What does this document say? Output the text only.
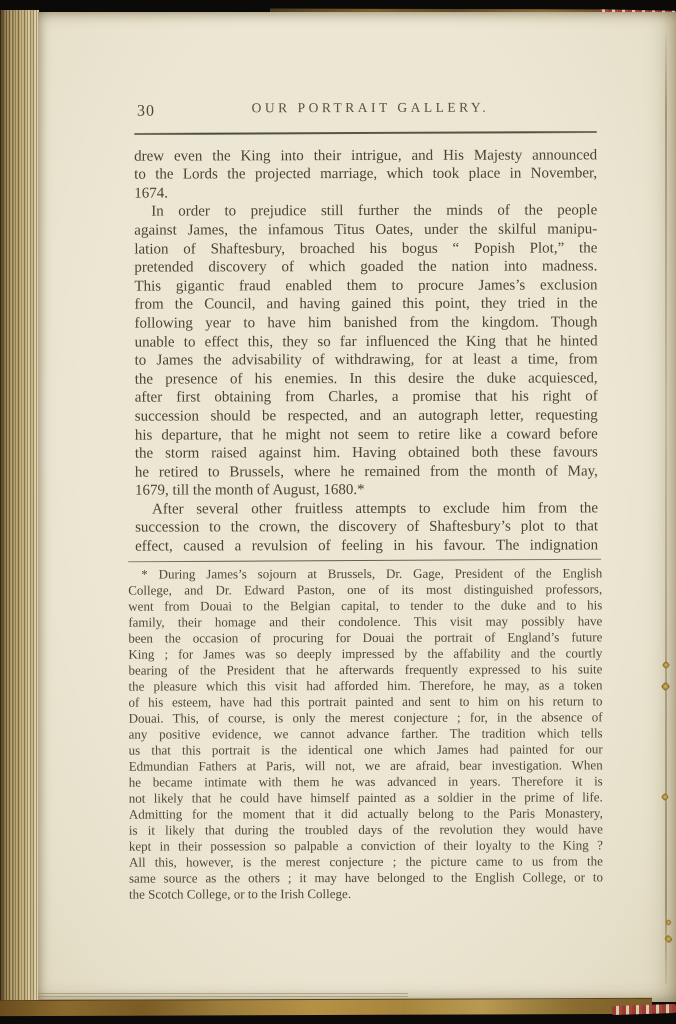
30	OUR PORTRAIT GALLERY.
drew even the King into their intrigue, and His Majesty announced
to the Lords the projected marriage, which took place in November,
1674.
In order to prejudice still further the minds of the people
against James, the infamous Titus Oates, under the skilful manipu-
lation of Shaftesbury, broached his bogus “ Popish Plot,” the
pretended discovery of which goaded the nation into madness.
This gigantic fraud enabled them to procure James’s exclusion
from the Council, and having gained this point, they tried in the
following year to have him banished from the kingdom. Though
unable to effect this, they so far influenced the King that he hinted
to James the advisability of withdrawing, for at least a time, from
the presence of his enemies. In this desire the duke acquiesced,
after first obtaining from Charles, a promise that his right of
succession should be respected, and an autograph letter, requesting
his departure, that he might not seem to retire like a coward before
the storm raised against him. Having obtained both these favours
he retired to Brussels, where he remained from the month of May,
1679, till the month of August, 1680.*
After several other fruitless attempts to exclude him from the
succession to the crown, the discovery of Shaftesbury’s plot to that
effect, caused a revulsion of feeling in his favour. The indignation
* During James’s sojourn at Brussels, Dr. Gage, President of the English
College, and Dr. Edward Paston, one of its most distinguished professors,
went from Douai to the Belgian capital, to tender to the duke and to his
family, their homage and their condolence. This visit may possibly have
been the occasion of procuring for Douai the portrait of England’s future
King ; for James was so deeply impressed by the affability and the courtly
bearing of the President that he afterwards frequently expressed to his suite
the pleasure which this visit had afforded him. Therefore, he may, as a token
of his esteem, have had this portrait painted and sent to him on his return to
Douai. This, of course, is only the merest conjecture ; for, in the absence of
any positive evidence, we cannot advance farther. The tradition which tells
us that this portrait is the identical one which James had painted for our
Edmundian Fathers at Paris, will not, we are afraid, bear investigation. When
he became intimate with them he was advanced in years. Therefore it is
not likely that he could have himself painted as a soldier in the prime of life.
Admitting for the moment that it did actually belong to the Paris Monastery,
is it likely that during the troubled days of the revolution they would have
kept in their possession so palpable a conviction of their loyalty to the King ?
All this, however, is the merest conjecture ; the picture came to us from the
same source as the others ; it may have belonged to the English College, or to
the Scotch College, or to the Irish College.
